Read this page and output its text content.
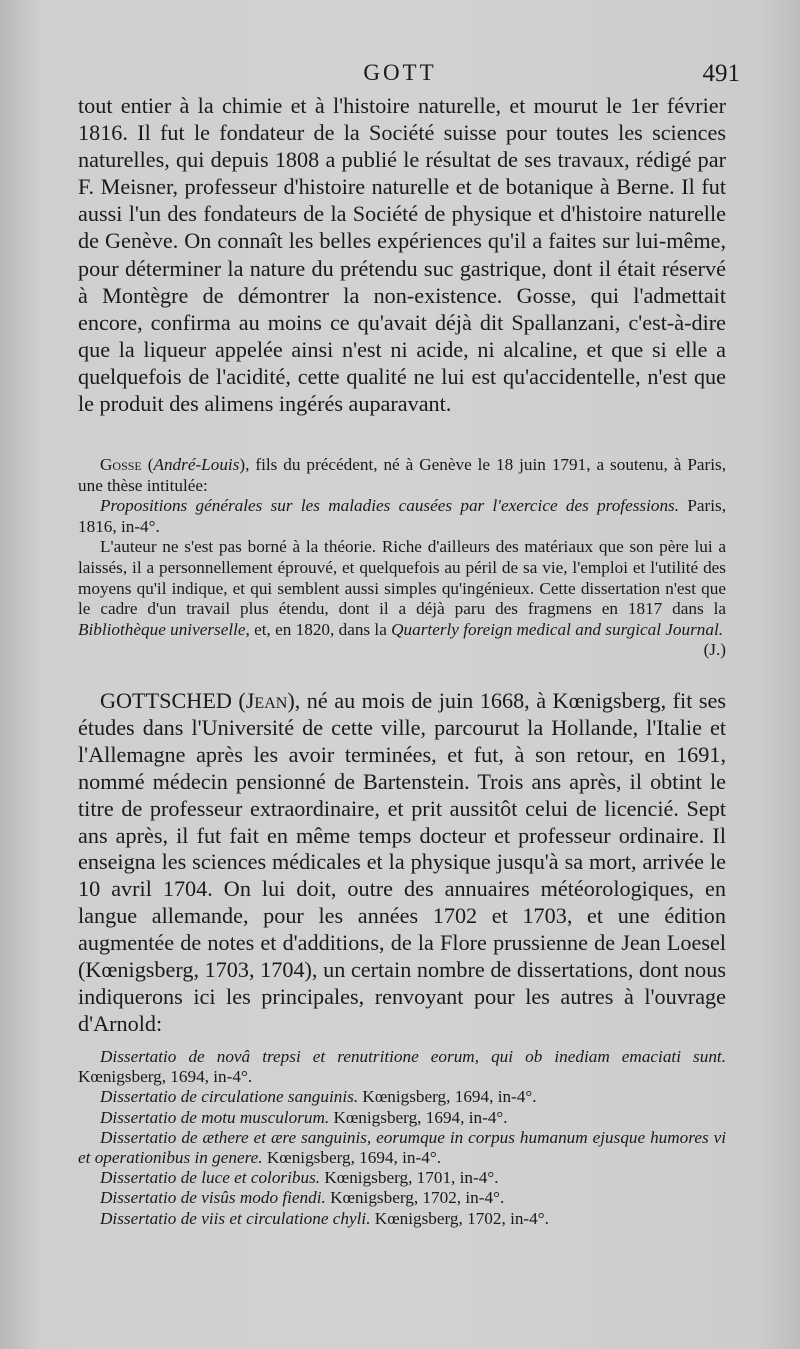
GOTT	491

tout entier à la chimie et à l'histoire naturelle, et mourut le 1er février 1816. Il fut le fondateur de la Société suisse pour toutes les sciences naturelles, qui depuis 1808 a publié le résultat de ses travaux, rédigé par F. Meisner, professeur d'histoire naturelle et de botanique à Berne. Il fut aussi l'un des fondateurs de la Société de physique et d'histoire naturelle de Genève. On connaît les belles expériences qu'il a faites sur lui-même, pour déterminer la nature du prétendu suc gastrique, dont il était réservé à Montègre de démontrer la non-existence. Gosse, qui l'admettait encore, confirma au moins ce qu'avait déjà dit Spallanzani, c'est-à-dire que la liqueur appelée ainsi n'est ni acide, ni alcaline, et que si elle a quelquefois de l'acidité, cette qualité ne lui est qu'accidentelle, n'est que le produit des alimens ingérés auparavant.

Gosse (André-Louis), fils du précédent, né à Genève le 18 juin 1791, a soutenu, à Paris, une thèse intitulée:

Propositions générales sur les maladies causées par l'exercice des professions. Paris, 1816, in-4°.

L'auteur ne s'est pas borné à la théorie. Riche d'ailleurs des matériaux que son père lui a laissés, il a personnellement éprouvé, et quelquefois au péril de sa vie, l'emploi et l'utilité des moyens qu'il indique, et qui semblent aussi simples qu'ingénieux. Cette dissertation n'est que le cadre d'un travail plus étendu, dont il a déjà paru des fragmens en 1817 dans la Bibliothèque universelle, et, en 1820, dans la Quarterly foreign medical and surgical Journal.
(J.)

GOTTSCHED (Jean), né au mois de juin 1668, à Kœnigsberg, fit ses études dans l'Université de cette ville, parcourut la Hollande, l'Italie et l'Allemagne après les avoir terminées, et fut, à son retour, en 1691, nommé médecin pensionné de Bartenstein. Trois ans après, il obtint le titre de professeur extraordinaire, et prit aussitôt celui de licencié. Sept ans après, il fut fait en même temps docteur et professeur ordinaire. Il enseigna les sciences médicales et la physique jusqu'à sa mort, arrivée le 10 avril 1704. On lui doit, outre des annuaires météorologiques, en langue allemande, pour les années 1702 et 1703, et une édition augmentée de notes et d'additions, de la Flore prussienne de Jean Loesel (Kœnigsberg, 1703, 1704), un certain nombre de dissertations, dont nous indiquerons ici les principales, renvoyant pour les autres à l'ouvrage d'Arnold:

Dissertatio de novâ trepsi et renutritione eorum, qui ob inediam emaciati sunt. Kœnigsberg, 1694, in-4°.

Dissertatio de circulatione sanguinis. Kœnigsberg, 1694, in-4°.

Dissertatio de motu musculorum. Kœnigsberg, 1694, in-4°.

Dissertatio de æthere et ære sanguinis, eorumque in corpus humanum ejusque humores vi et operationibus in genere. Kœnigsberg, 1694, in-4°.

Dissertatio de luce et coloribus. Kœnigsberg, 1701, in-4°.

Dissertatio de visûs modo fiendi. Kœnigsberg, 1702, in-4°.

Dissertatio de viis et circulatione chyli. Kœnigsberg, 1702, in-4°.
